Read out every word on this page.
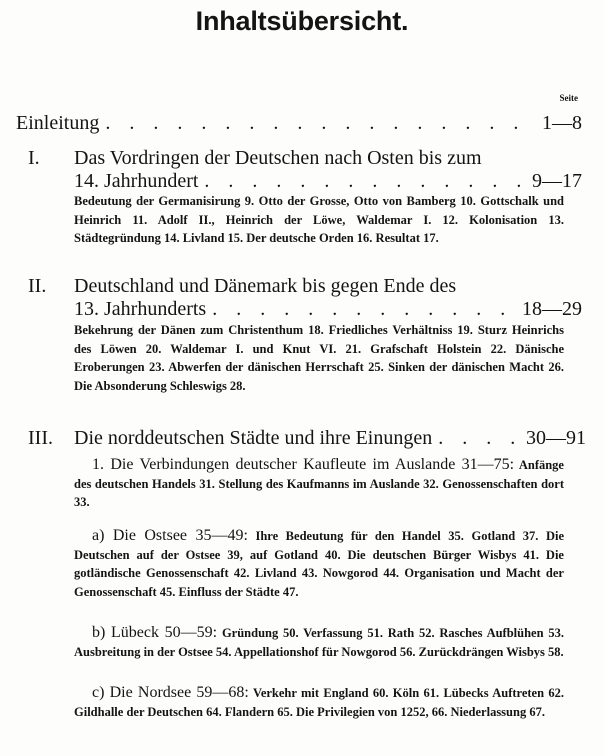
Inhaltsübersicht.
Seite
Einleitung . . .	1—8
I.	Das Vordringen der Deutschen nach Osten bis zum
14. Jahrhundert . . .	9—17
Bedeutung der Germanisirung 9. Otto der Grosse, Otto von Bamberg 10. Gottschalk und Heinrich 11. Adolf II., Heinrich der Löwe, Waldemar I. 12. Kolonisation 13. Städtegründung 14. Livland 15. Der deutsche Orden 16. Resultat 17.
II.	Deutschland und Dänemark bis gegen Ende des
13. Jahrhunderts . . .	18—29
Bekehrung der Dänen zum Christenthum 18. Friedliches Verhältniss 19. Sturz Heinrichs des Löwen 20. Waldemar I. und Knut VI. 21. Grafschaft Holstein 22. Dänische Eroberungen 23. Abwerfen der dänischen Herrschaft 25. Sinken der dänischen Macht 26. Die Absonderung Schleswigs 28.
III.	Die norddeutschen Städte und ihre Einungen . . .	30—91
1. Die Verbindungen deutscher Kaufleute im Auslande 31—75: Anfänge des deutschen Handels 31. Stellung des Kaufmanns im Auslande 32. Genossenschaften dort 33.
a) Die Ostsee 35—49: Ihre Bedeutung für den Handel 35. Gotland 37. Die Deutschen auf der Ostsee 39, auf Gotland 40. Die deutschen Bürger Wisbys 41. Die gotländische Genossenschaft 42. Livland 43. Nowgorod 44. Organisation und Macht der Genossenschaft 45. Einfluss der Städte 47.
b) Lübeck 50—59: Gründung 50. Verfassung 51. Rath 52. Rasches Aufblühen 53. Ausbreitung in der Ostsee 54. Appellationshof für Nowgorod 56. Zurückdrängen Wisbys 58.
c) Die Nordsee 59—68: Verkehr mit England 60. Köln 61. Lübecks Auftreten 62. Gildhalle der Deutschen 64. Flandern 65. Die Privilegien von 1252, 66. Niederlassung 67.
